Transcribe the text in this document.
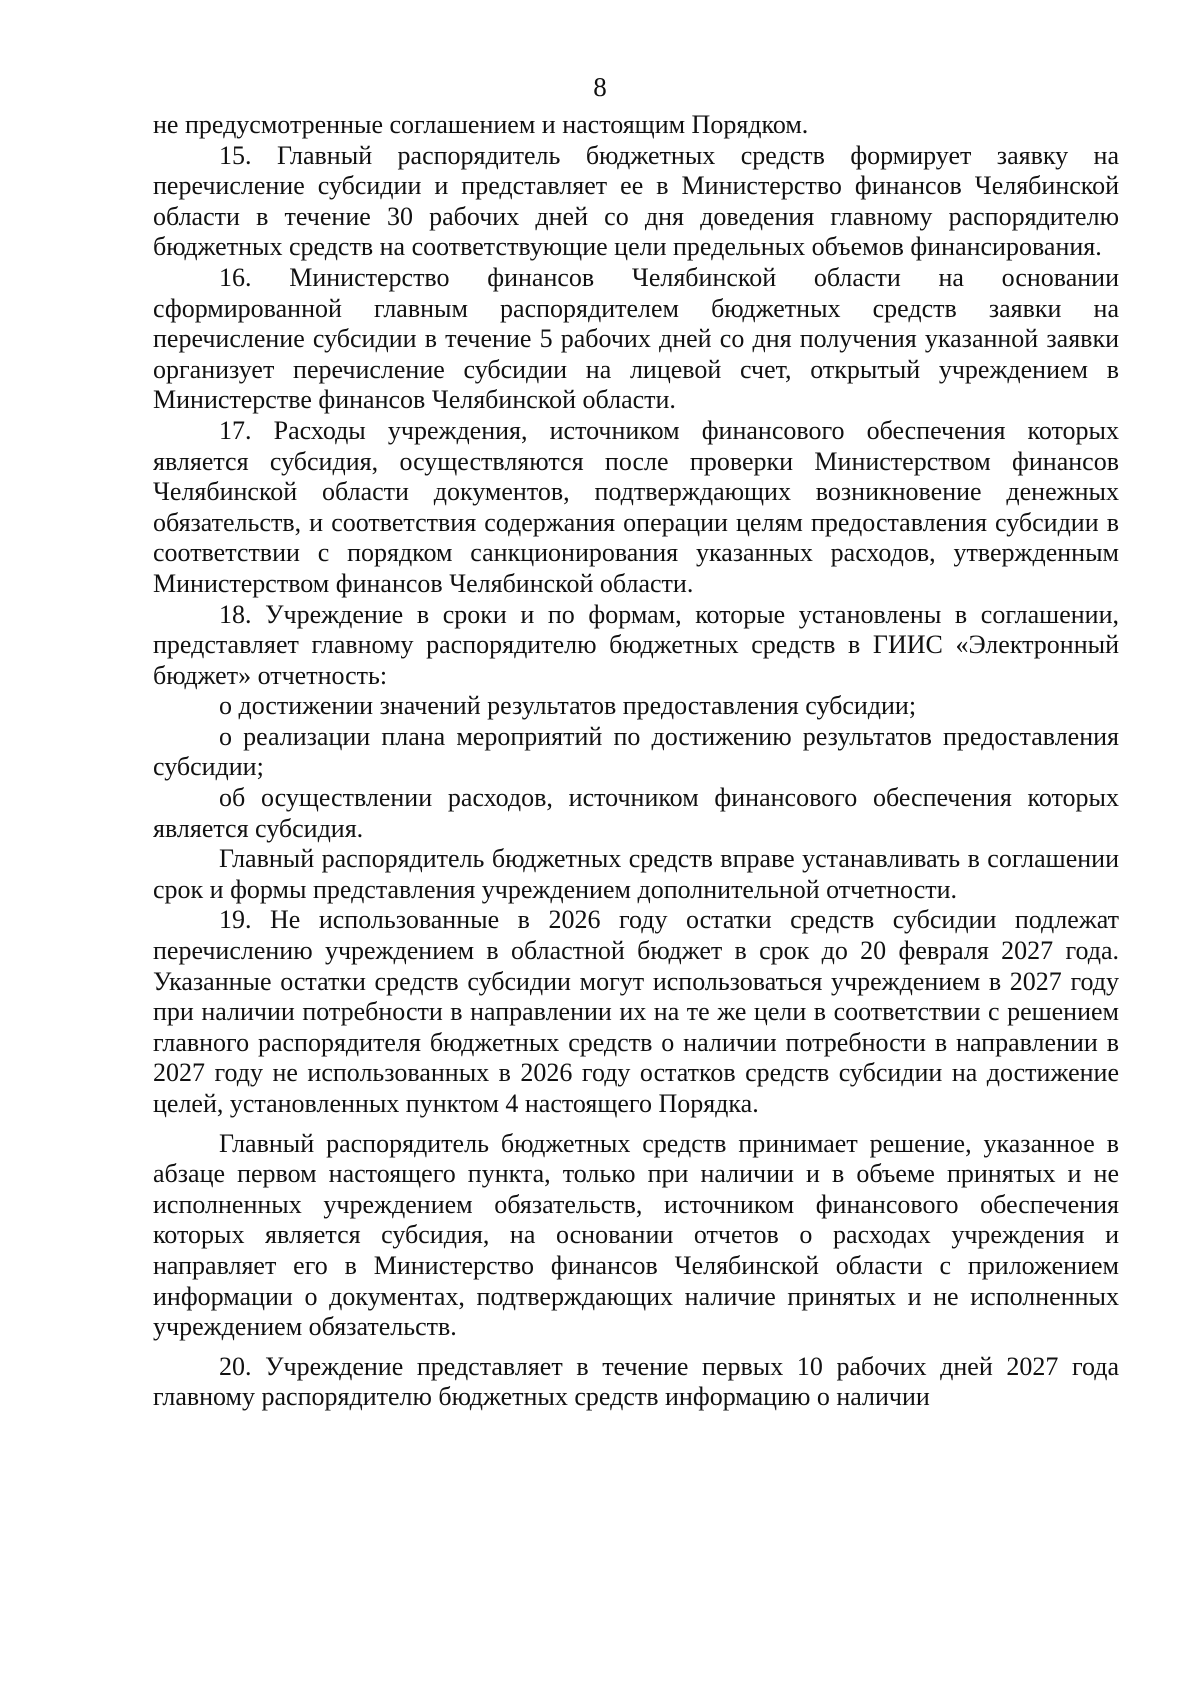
8

не предусмотренные соглашением и настоящим Порядком.

15. Главный распорядитель бюджетных средств формирует заявку на перечисление субсидии и представляет ее в Министерство финансов Челябинской области в течение 30 рабочих дней со дня доведения главному распорядителю бюджетных средств на соответствующие цели предельных объемов финансирования.

16. Министерство финансов Челябинской области на основании сформированной главным распорядителем бюджетных средств заявки на перечисление субсидии в течение 5 рабочих дней со дня получения указанной заявки организует перечисление субсидии на лицевой счет, открытый учреждением в Министерстве финансов Челябинской области.

17. Расходы учреждения, источником финансового обеспечения которых является субсидия, осуществляются после проверки Министерством финансов Челябинской области документов, подтверждающих возникновение денежных обязательств, и соответствия содержания операции целям предоставления субсидии в соответствии с порядком санкционирования указанных расходов, утвержденным Министерством финансов Челябинской области.

18. Учреждение в сроки и по формам, которые установлены в соглашении, представляет главному распорядителю бюджетных средств в ГИИС «Электронный бюджет» отчетность:

о достижении значений результатов предоставления субсидии;

о реализации плана мероприятий по достижению результатов предоставления субсидии;

об осуществлении расходов, источником финансового обеспечения которых является субсидия.

Главный распорядитель бюджетных средств вправе устанавливать в соглашении срок и формы представления учреждением дополнительной отчетности.

19. Не использованные в 2026 году остатки средств субсидии подлежат перечислению учреждением в областной бюджет в срок до 20 февраля 2027 года. Указанные остатки средств субсидии могут использоваться учреждением в 2027 году при наличии потребности в направлении их на те же цели в соответствии с решением главного распорядителя бюджетных средств о наличии потребности в направлении в 2027 году не использованных в 2026 году остатков средств субсидии на достижение целей, установленных пунктом 4 настоящего Порядка.

Главный распорядитель бюджетных средств принимает решение, указанное в абзаце первом настоящего пункта, только при наличии и в объеме принятых и не исполненных учреждением обязательств, источником финансового обеспечения которых является субсидия, на основании отчетов о расходах учреждения и направляет его в Министерство финансов Челябинской области с приложением информации о документах, подтверждающих наличие принятых и не исполненных учреждением обязательств.

20. Учреждение представляет в течение первых 10 рабочих дней 2027 года главному распорядителю бюджетных средств информацию о наличии
